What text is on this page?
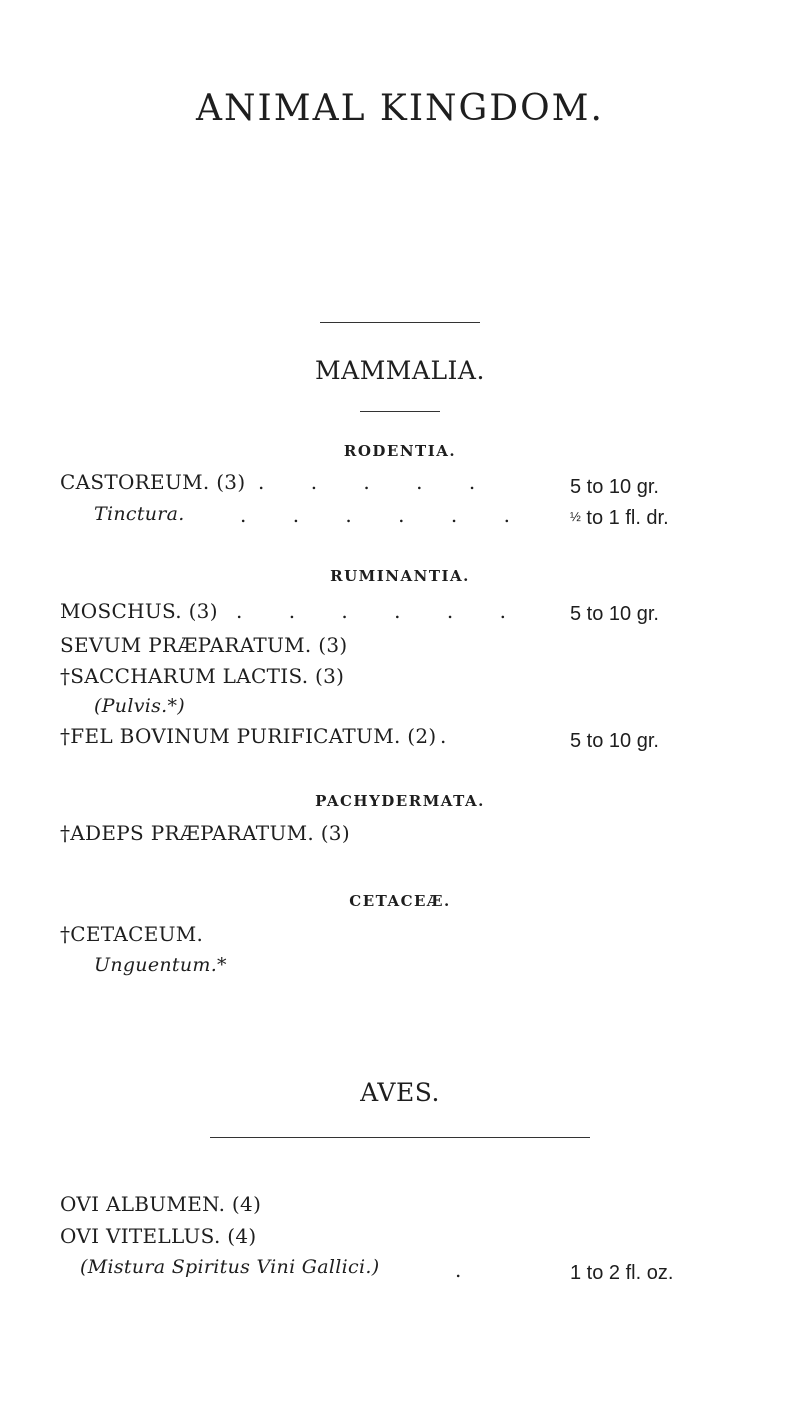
ANIMAL KINGDOM.
MAMMALIA.
RODENTIA.
CASTOREUM. (3) . . . . .	5 to 10 gr.
Tinctura.	. . . . . .	½ to 1 fl. dr.
RUMINANTIA.
MOSCHUS. (3) . . . . . . 5 to 10 gr.
SEVUM PRÆPARATUM. (3)
†SACCHARUM LACTIS. (3)
(Pulvis.*)
†FEL BOVINUM PURIFICATUM. (2) .	5 to 10 gr.
PACHYDERMATA.
†ADEPS PRÆPARATUM. (3)
CETACEÆ.
†CETACEUM.
Unguentum.*
AVES.
OVI ALBUMEN. (4)
OVI VITELLUS. (4)
(Mistura Spiritus Vini Gallici.)	.	1 to 2 fl. oz.
